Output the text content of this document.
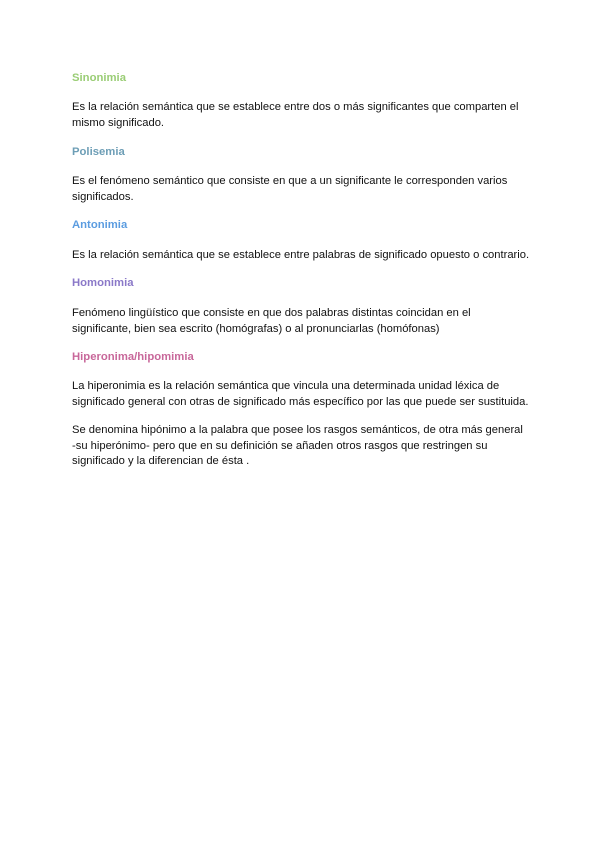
Sinonimia
Es la relación semántica que se establece entre dos o más significantes que comparten el
mismo significado.
Polisemia
Es el fenómeno semántico que consiste en que a un significante le corresponden varios
significados.
Antonimia
Es la relación semántica que se establece entre palabras de significado opuesto o contrario.
Homonimia
Fenómeno lingüístico que consiste en que dos palabras distintas coincidan en el
significante, bien sea escrito (homógrafas) o al pronunciarlas (homófonas)
Hiperonima/hipomimia
La hiperonimia es la relación semántica que vincula una determinada unidad léxica de
significado general con otras de significado más específico por las que puede ser sustituida.
Se denomina hipónimo a la palabra que posee los rasgos semánticos, de otra más general
-su hiperónimo- pero que en su definición se añaden otros rasgos que restringen su
significado y la diferencian de ésta .
